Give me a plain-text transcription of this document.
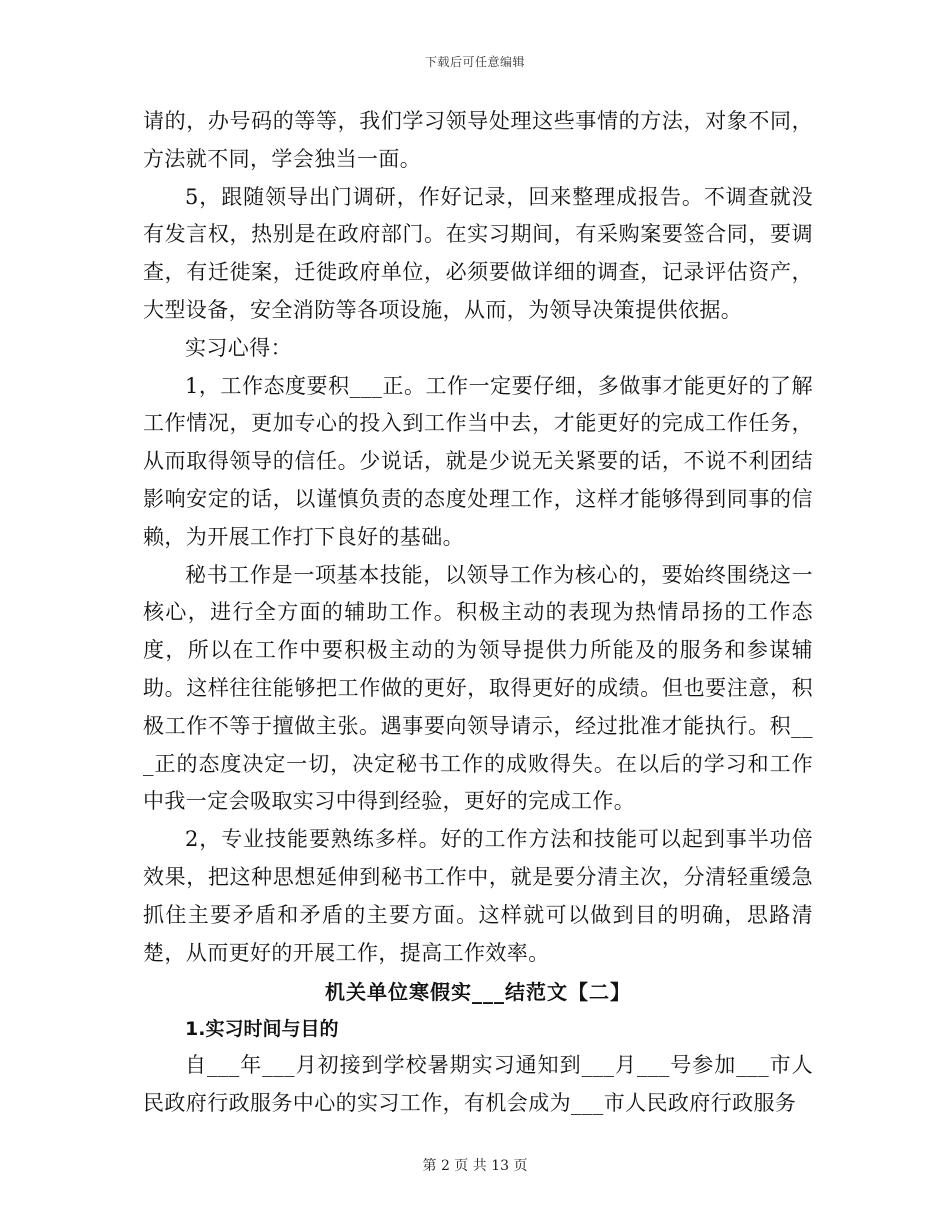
下载后可任意编辑

请的，办号码的等等，我们学习领导处理这些事情的方法，对象不同，方法就不同，学会独当一面。

5，跟随领导出门调研，作好记录，回来整理成报告。不调查就没有发言权，热别是在政府部门。在实习期间，有采购案要签合同，要调查，有迁徙案，迁徙政府单位，必须要做详细的调查，记录评估资产，大型设备，安全消防等各项设施，从而，为领导决策提供依据。

实习心得：

1，工作态度要积___正。工作一定要仔细，多做事才能更好的了解工作情况，更加专心的投入到工作当中去，才能更好的完成工作任务，从而取得领导的信任。少说话，就是少说无关紧要的话，不说不利团结影响安定的话，以谨慎负责的态度处理工作，这样才能够得到同事的信赖，为开展工作打下良好的基础。

秘书工作是一项基本技能，以领导工作为核心的，要始终围绕这一核心，进行全方面的辅助工作。积极主动的表现为热情昂扬的工作态度，所以在工作中要积极主动的为领导提供力所能及的服务和参谋辅助。这样往往能够把工作做的更好，取得更好的成绩。但也要注意，积极工作不等于擅做主张。遇事要向领导请示，经过批准才能执行。积___正的态度决定一切，决定秘书工作的成败得失。在以后的学习和工作中我一定会吸取实习中得到经验，更好的完成工作。

2，专业技能要熟练多样。好的工作方法和技能可以起到事半功倍效果，把这种思想延伸到秘书工作中，就是要分清主次，分清轻重缓急抓住主要矛盾和矛盾的主要方面。这样就可以做到目的明确，思路清楚，从而更好的开展工作，提高工作效率。

机关单位寒假实___结范文【二】
1.实习时间与目的

自___年___月初接到学校暑期实习通知到___月___号参加___市人民政府行政服务中心的实习工作，有机会成为___市人民政府行政服务

第 2 页 共 13 页
